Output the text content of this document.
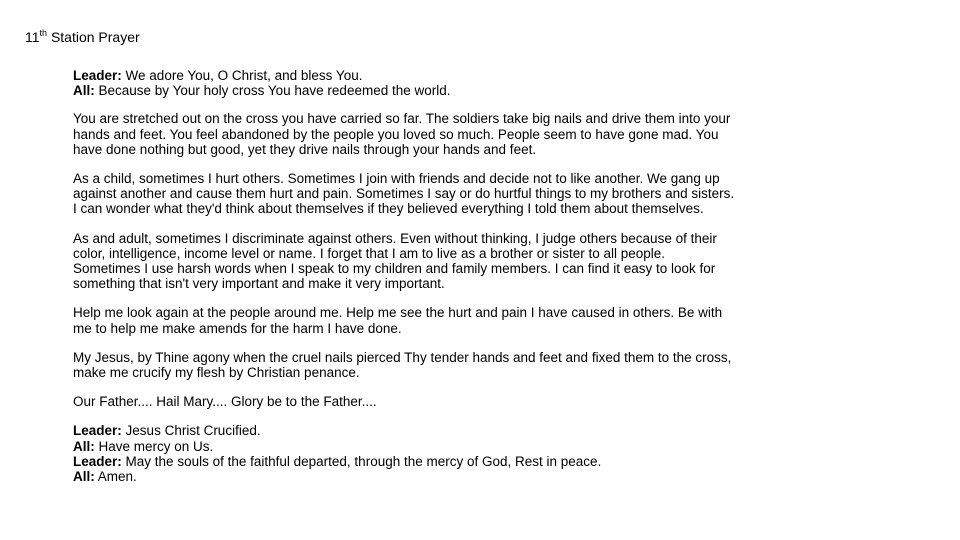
11th Station Prayer
Leader: We adore You, O Christ, and bless You.
All: Because by Your holy cross You have redeemed the world.
You are stretched out on the cross you have carried so far. The soldiers take big nails and drive them into your
hands and feet. You feel abandoned by the people you loved so much. People seem to have gone mad. You
have done nothing but good, yet they drive nails through your hands and feet.
As a child, sometimes I hurt others. Sometimes I join with friends and decide not to like another. We gang up
against another and cause them hurt and pain. Sometimes I say or do hurtful things to my brothers and sisters.
I can wonder what they'd think about themselves if they believed everything I told them about themselves.
As and adult, sometimes I discriminate against others. Even without thinking, I judge others because of their
color, intelligence, income level or name. I forget that I am to live as a brother or sister to all people.
Sometimes I use harsh words when I speak to my children and family members. I can find it easy to look for
something that isn't very important and make it very important.
Help me look again at the people around me. Help me see the hurt and pain I have caused in others. Be with
me to help me make amends for the harm I have done.
My Jesus, by Thine agony when the cruel nails pierced Thy tender hands and feet and fixed them to the cross,
make me crucify my flesh by Christian penance.
Our Father.... Hail Mary.... Glory be to the Father....
Leader: Jesus Christ Crucified.
All: Have mercy on Us.
Leader: May the souls of the faithful departed, through the mercy of God, Rest in peace.
All: Amen.
